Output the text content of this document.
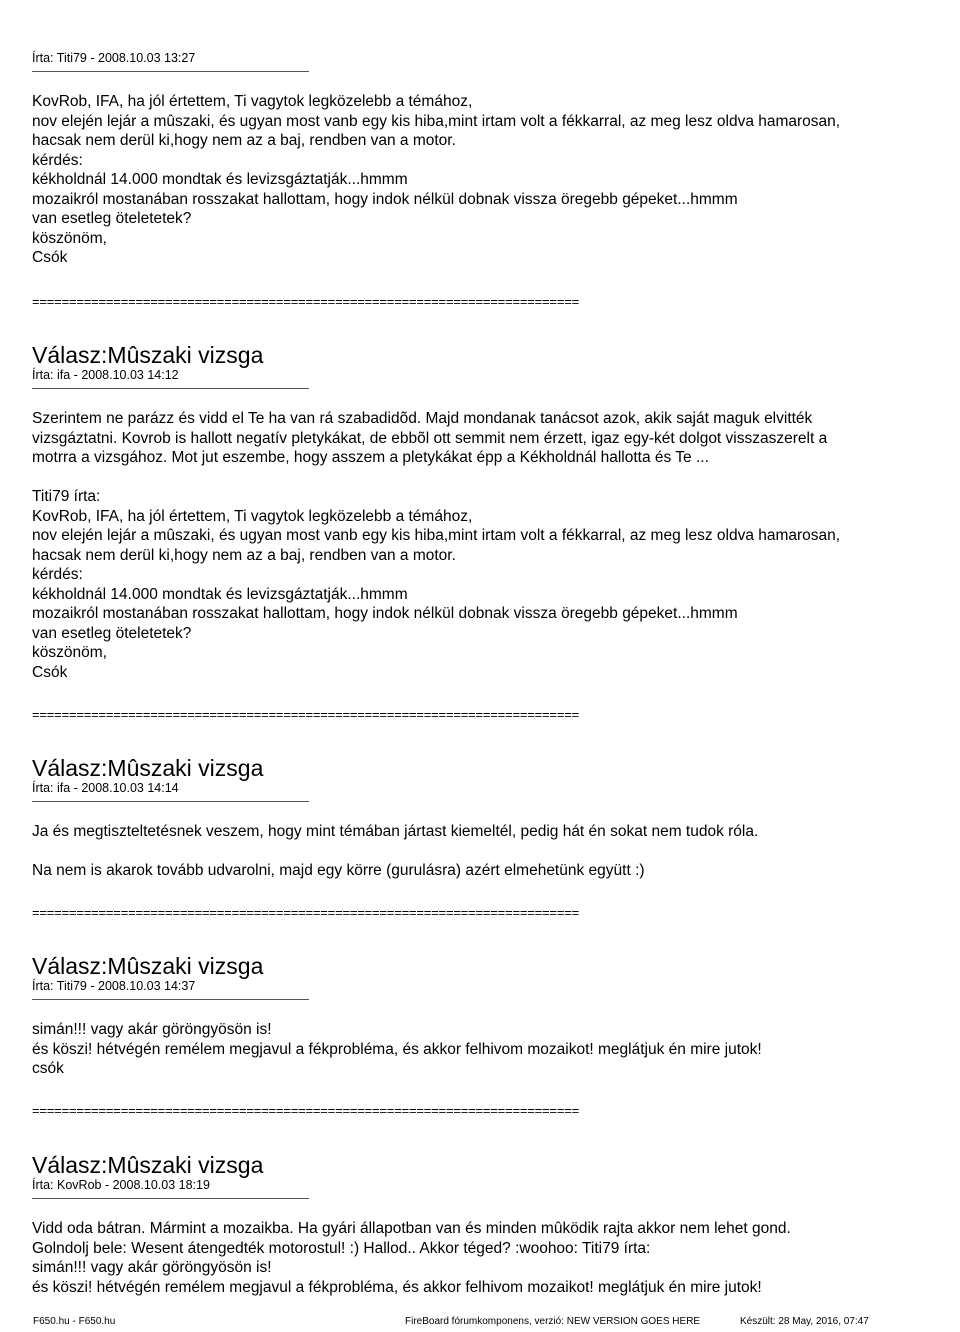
Írta: Titi79 - 2008.10.03 13:27
KovRob, IFA, ha jól értettem, Ti vagytok legközelebb a témához,
nov elején lejár a mûszaki, és ugyan most vanb egy kis hiba,mint irtam volt a fékkarral, az meg lesz oldva hamarosan,
hacsak nem derül ki,hogy nem az a baj, rendben van a motor.
kérdés:
kékholdnál 14.000 mondtak és levizsgáztatják...hmmm
mozaikról mostanában rosszakat hallottam, hogy indok nélkül dobnak vissza öregebb gépeket...hmmm
van esetleg öteletetek?
köszönöm,
Csók
==========================================================================
Válasz:Mûszaki vizsga
Írta: ifa - 2008.10.03 14:12
Szerintem ne parázz és vidd el Te ha van rá szabadidõd. Majd mondanak tanácsot azok, akik saját maguk elvitték
vizsgáztatni. Kovrob is hallott negatív pletykákat, de ebbõl ott semmit nem érzett, igaz egy-két dolgot visszaszerelt a
motrra a vizsgához. Mot jut eszembe, hogy asszem a pletykákat épp a Kékholdnál hallotta és Te ...

Titi79 írta:
KovRob, IFA, ha jól értettem, Ti vagytok legközelebb a témához,
nov elején lejár a mûszaki, és ugyan most vanb egy kis hiba,mint irtam volt a fékkarral, az meg lesz oldva hamarosan,
hacsak nem derül ki,hogy nem az a baj, rendben van a motor.
kérdés:
kékholdnál 14.000 mondtak és levizsgáztatják...hmmm
mozaikról mostanában rosszakat hallottam, hogy indok nélkül dobnak vissza öregebb gépeket...hmmm
van esetleg öteletetek?
köszönöm,
Csók
==========================================================================
Válasz:Mûszaki vizsga
Írta: ifa - 2008.10.03 14:14
Ja és megtiszteltetésnek veszem, hogy mint témában jártast kiemeltél, pedig hát én sokat nem tudok róla.

Na nem is akarok tovább udvarolni, majd egy körre (gurulásra) azért elmehetünk együtt :)
==========================================================================
Válasz:Mûszaki vizsga
Írta: Titi79 - 2008.10.03 14:37
simán!!! vagy akár göröngyösön is!
és köszi! hétvégén remélem megjavul a fékprobléma, és akkor felhivom mozaikot! meglátjuk én mire jutok!
csók
==========================================================================
Válasz:Mûszaki vizsga
Írta: KovRob - 2008.10.03 18:19
Vidd oda bátran. Mármint a mozaikba. Ha gyári állapotban van és minden mûködik rajta akkor nem lehet gond.
Golndolj bele: Wesent átengedték motorostul! :) Hallod.. Akkor téged? :woohoo: Titi79 írta:
simán!!! vagy akár göröngyösön is!
és köszi! hétvégén remélem megjavul a fékprobléma, és akkor felhivom mozaikot! meglátjuk én mire jutok!
F650.hu - F650.hu	FireBoard fórumkomponens, verzió: NEW VERSION GOES HERE	Készült: 28 May, 2016, 07:47
